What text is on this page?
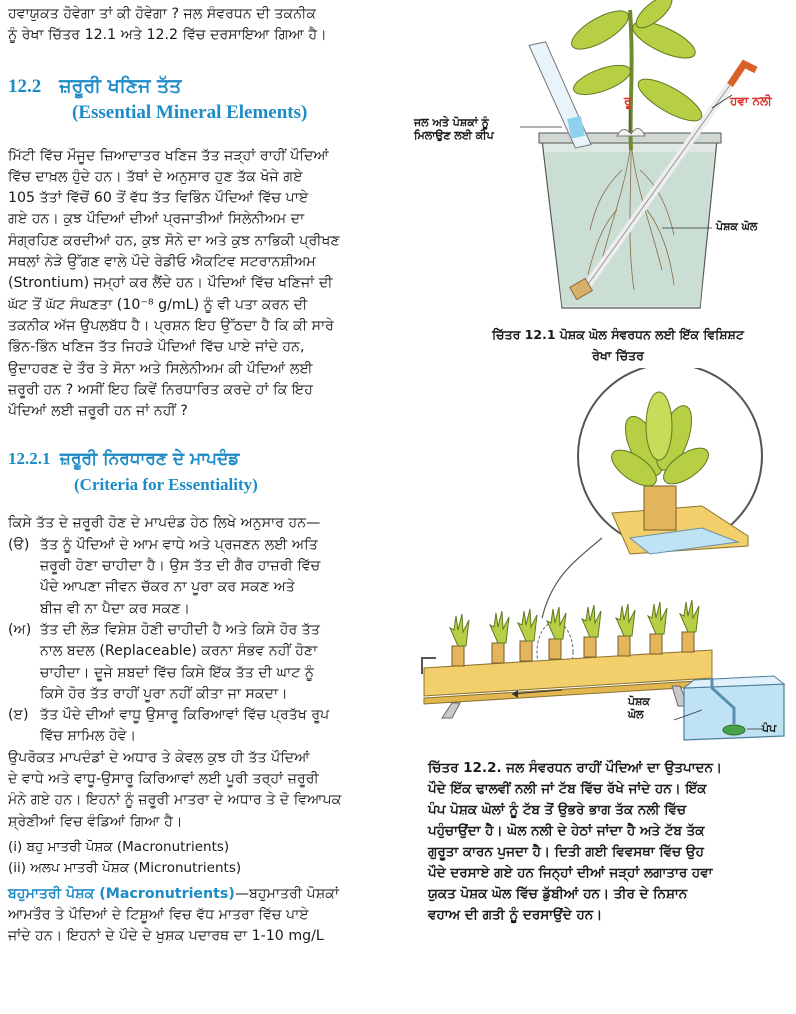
ਹਵਾਯੁਕਤ ਹੋਵੇਗਾ ਤਾਂ ਕੀ ਹੋਵੇਗਾ ? ਜਲ ਸੰਵਰਧਨ ਦੀ ਤਕਨੀਕ

ਨੂੰ ਰੇਖਾ ਚਿੱਤਰ 12.1 ਅਤੇ 12.2 ਵਿੱਚ ਦਰਸਾਇਆ ਗਿਆ ਹੈ।

12.2 ਜ਼ਰੂਰੀ ਖਣਿਜ ਤੱਤ
(Essential Mineral Elements)

ਮਿੱਟੀ ਵਿੱਚ ਮੌਜੂਦ ਜ਼ਿਆਦਾਤਰ ਖਣਿਜ ਤੱਤ ਜੜ੍ਹਾਂ ਰਾਹੀਂ ਪੌਦਿਆਂ

ਵਿੱਚ ਦਾਖ਼ਲ ਹੁੰਦੇ ਹਨ। ਤੱਥਾਂ ਦੇ ਅਨੁਸਾਰ ਹੁਣ ਤੱਕ ਖੋਜੇ ਗਏ

105 ਤੱਤਾਂ ਵਿੱਚੋਂ 60 ਤੋਂ ਵੱਧ ਤੱਤ ਵਿਭਿੰਨ ਪੌਦਿਆਂ ਵਿੱਚ ਪਾਏ

ਗਏ ਹਨ। ਕੁਝ ਪੌਦਿਆਂ ਦੀਆਂ ਪ੍ਰਜਾਤੀਆਂ ਸਿਲੇਨੀਅਮ ਦਾ

ਸੰਗ੍ਰਹਿਣ ਕਰਦੀਆਂ ਹਨ, ਕੁਝ ਸੋਨੇ ਦਾ ਅਤੇ ਕੁਝ ਨਾਭਿਕੀ ਪ੍ਰੀਖਣ

ਸਥਲਾਂ ਨੇੜੇ ਉੱਗਣ ਵਾਲੇ ਪੌਦੇ ਰੇਡੀਓ ਐਕਟਿਵ ਸਟਰਾਨਸ਼ੀਅਮ

(Strontium) ਜਮ੍ਹਾਂ ਕਰ ਲੈਂਦੇ ਹਨ। ਪੌਦਿਆਂ ਵਿੱਚ ਖਣਿਜਾਂ ਦੀ

ਘੱਟ ਤੋਂ ਘੱਟ ਸੰਘਣਤਾ (10⁻⁸ g/mL) ਨੂੰ ਵੀ ਪਤਾ ਕਰਨ ਦੀ

ਤਕਨੀਕ ਅੱਜ ਉਪਲਬੱਧ ਹੈ। ਪ੍ਰਸ਼ਨ ਇਹ ਉੱਠਦਾ ਹੈ ਕਿ ਕੀ ਸਾਰੇ

ਭਿੰਨ-ਭਿੰਨ ਖਣਿਜ ਤੱਤ ਜਿਹੜੇ ਪੌਦਿਆਂ ਵਿੱਚ ਪਾਏ ਜਾਂਦੇ ਹਨ,

ਉਦਾਹਰਣ ਦੇ ਤੌਰ ਤੇ ਸੋਨਾ ਅਤੇ ਸਿਲੇਨੀਅਮ ਕੀ ਪੌਦਿਆਂ ਲਈ

ਜ਼ਰੂਰੀ ਹਨ ? ਅਸੀਂ ਇਹ ਕਿਵੇਂ ਨਿਰਧਾਰਿਤ ਕਰਦੇ ਹਾਂ ਕਿ ਇਹ

ਪੌਦਿਆਂ ਲਈ ਜ਼ਰੂਰੀ ਹਨ ਜਾਂ ਨਹੀਂ ?

12.2.1 ਜ਼ਰੂਰੀ ਨਿਰਧਾਰਣ ਦੇ ਮਾਪਦੰਡ
(Criteria for Essentiality)

ਕਿਸੇ ਤੱਤ ਦੇ ਜ਼ਰੂਰੀ ਹੋਣ ਦੇ ਮਾਪਦੰਡ ਹੇਠ ਲਿਖੇ ਅਨੁਸਾਰ ਹਨ—

(ੳ) ਤੱਤ ਨੂੰ ਪੌਦਿਆਂ ਦੇ ਆਮ ਵਾਧੇ ਅਤੇ ਪ੍ਰਜਣਨ ਲਈ ਅਤਿ
ਜ਼ਰੂਰੀ ਹੋਣਾ ਚਾਹੀਦਾ ਹੈ। ਉਸ ਤੱਤ ਦੀ ਗੈਰ ਹਾਜ਼ਰੀ ਵਿੱਚ
ਪੌਦੇ ਆਪਣਾ ਜੀਵਨ ਚੱਕਰ ਨਾ ਪੂਰਾ ਕਰ ਸਕਣ ਅਤੇ
ਬੀਜ ਵੀ ਨਾ ਪੈਦਾ ਕਰ ਸਕਣ।
(ਅ) ਤੱਤ ਦੀ ਲੋੜ ਵਿਸ਼ੇਸ਼ ਹੋਣੀ ਚਾਹੀਦੀ ਹੈ ਅਤੇ ਕਿਸੇ ਹੋਰ ਤੱਤ
ਨਾਲ ਬਦਲ (Replaceable) ਕਰਨਾ ਸੰਭਵ ਨਹੀਂ ਹੋਣਾ
ਚਾਹੀਦਾ। ਦੂਜੇ ਸ਼ਬਦਾਂ ਵਿੱਚ ਕਿਸੇ ਇੱਕ ਤੱਤ ਦੀ ਘਾਟ ਨੂੰ
ਕਿਸੇ ਹੋਰ ਤੱਤ ਰਾਹੀਂ ਪੂਰਾ ਨਹੀਂ ਕੀਤਾ ਜਾ ਸਕਦਾ।
(ੲ) ਤੱਤ ਪੌਦੇ ਦੀਆਂ ਵਾਧੂ ਉਸਾਰੂ ਕਿਰਿਆਵਾਂ ਵਿੱਚ ਪ੍ਰਤੱਖ ਰੂਪ
ਵਿੱਚ ਸ਼ਾਮਿਲ ਹੋਵੇ।

ਉਪਰੋਕਤ ਮਾਪਦੰਡਾਂ ਦੇ ਅਧਾਰ ਤੇ ਕੇਵਲ ਕੁਝ ਹੀ ਤੱਤ ਪੌਦਿਆਂ

ਦੇ ਵਾਧੇ ਅਤੇ ਵਾਧੂ-ਉਸਾਰੂ ਕਿਰਿਆਵਾਂ ਲਈ ਪੂਰੀ ਤਰ੍ਹਾਂ ਜ਼ਰੂਰੀ

ਮੰਨੇ ਗਏ ਹਨ। ਇਹਨਾਂ ਨੂੰ ਜ਼ਰੂਰੀ ਮਾਤਰਾ ਦੇ ਅਧਾਰ ਤੇ ਦੋ ਵਿਆਪਕ

ਸ਼੍ਰੇਣੀਆਂ ਵਿਚ ਵੰਡਿਆਂ ਗਿਆ ਹੈ।

(i) ਬਹੁ ਮਾਤਰੀ ਪੋਸ਼ਕ (Macronutrients)

(ii) ਅਲਪ ਮਾਤਰੀ ਪੋਸ਼ਕ (Micronutrients)

ਬਹੁਮਾਤਰੀ ਪੋਸ਼ਕ (Macronutrients)—ਬਹੁਮਾਤਰੀ ਪੋਸ਼ਕਾਂ

ਆਮਤੌਰ ਤੇ ਪੌਦਿਆਂ ਦੇ ਟਿਸ਼ੂਆਂ ਵਿਚ ਵੱਧ ਮਾਤਰਾ ਵਿੱਚ ਪਾਏ

ਜਾਂਦੇ ਹਨ। ਇਹਨਾਂ ਦੇ ਪੌਦੇ ਦੇ ਖੁਸ਼ਕ ਪਦਾਰਥ ਦਾ 1-10 mg/L

ਜਲ ਅਤੇ ਪੋਸ਼ਕਾਂ ਨੂੰ
ਮਿਲਾਉਣ ਲਈ ਕੀਪ
ਰੂ	ਹਵਾ ਨਲੀ
ਪੋਸ਼ਕ ਘੋਲ
ਚਿੱਤਰ 12.1 ਪੋਸ਼ਕ ਘੋਲ ਸੰਵਰਧਨ ਲਈ ਇੱਕ ਵਿਸ਼ਿਸ਼ਟ
ਰੇਖਾ ਚਿੱਤਰ
ਪੋਸ਼ਕ
ਘੋਲ
ਪੰਪ
ਚਿੱਤਰ 12.2. ਜਲ ਸੰਵਰਧਨ ਰਾਹੀਂ ਪੌਦਿਆਂ ਦਾ ਉਤਪਾਦਨ।
ਪੌਦੇ ਇੱਕ ਢਾਲਵੀਂ ਨਲੀ ਜਾਂ ਟੱਬ ਵਿੱਚ ਰੱਖੇ ਜਾਂਦੇ ਹਨ। ਇੱਕ
ਪੰਪ ਪੋਸ਼ਕ ਘੋਲਾਂ ਨੂੰ ਟੱਬ ਤੋਂ ਉਭਰੇ ਭਾਗ ਤੱਕ ਨਲੀ ਵਿੱਚ
ਪਹੁੰਚਾਉਂਦਾ ਹੈ। ਘੋਲ ਨਲੀ ਦੇ ਹੇਠਾਂ ਜਾਂਦਾ ਹੈ ਅਤੇ ਟੱਬ ਤੱਕ
ਗੁਰੂਤਾ ਕਾਰਨ ਪੁਜਦਾ ਹੈ। ਦਿਤੀ ਗਈ ਵਿਵਸਥਾ ਵਿੱਚ ਉਹ
ਪੌਦੇ ਦਰਸਾਏ ਗਏ ਹਨ ਜਿਨ੍ਹਾਂ ਦੀਆਂ ਜੜ੍ਹਾਂ ਲਗਾਤਾਰ ਹਵਾ
ਯੁਕਤ ਪੋਸ਼ਕ ਘੋਲ ਵਿੱਚ ਡੁੱਬੀਆਂ ਹਨ। ਤੀਰ ਦੇ ਨਿਸ਼ਾਨ
ਵਹਾਅ ਦੀ ਗਤੀ ਨੂੰ ਦਰਸਾਉਂਦੇ ਹਨ।
